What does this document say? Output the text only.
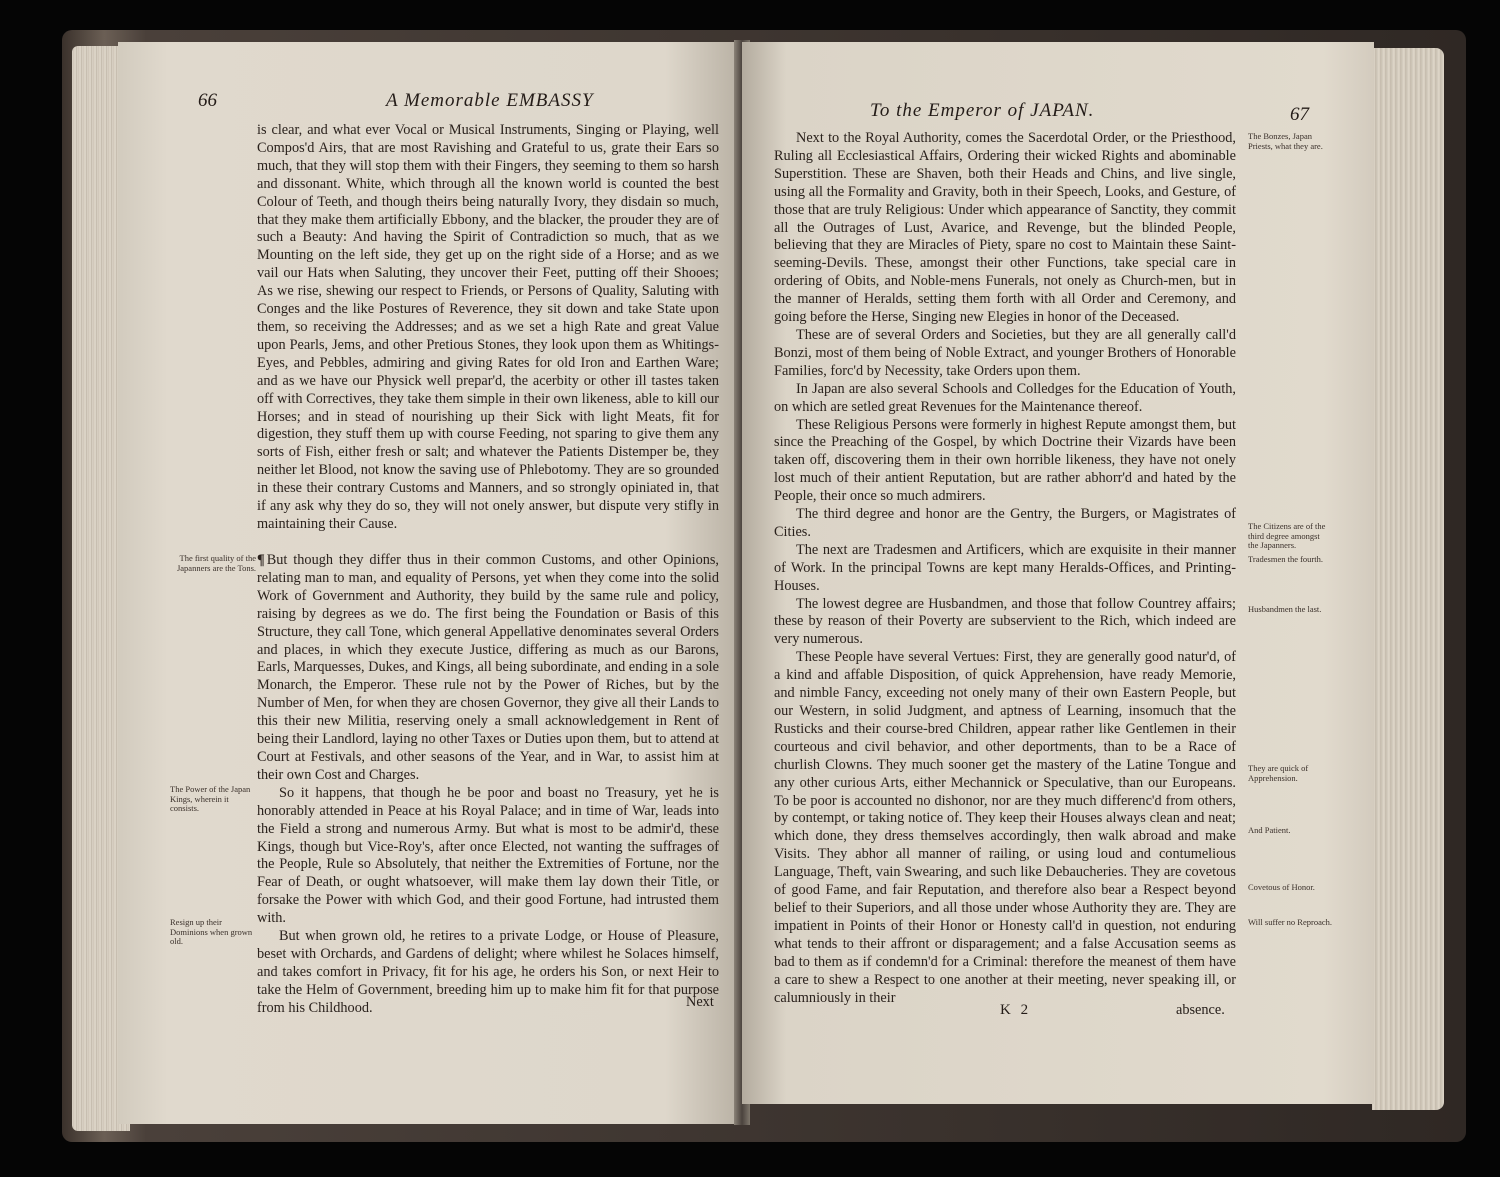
66	A Memorable EMBASSY

is clear, and what ever Vocal or Musical Instruments, Singing or Playing, well Compos'd Airs, that are most Ravishing and Grateful to us, grate their Ears so much, that they will stop them with their Fingers, they seeming to them so harsh and dissonant. White, which through all the known world is counted the best Colour of Teeth, and though theirs being naturally Ivory, they disdain so much, that they make them artificially Ebbony, and the blacker, the prouder they are of such a Beauty: And having the Spirit of Contradiction so much, that as we Mounting on the left side, they get up on the right side of a Horse; and as we vail our Hats when Saluting, they uncover their Feet, putting off their Shooes; As we rise, shewing our respect to Friends, or Persons of Quality, Saluting with Conges and the like Postures of Reverence, they sit down and take State upon them, so receiving the Addresses; and as we set a high Rate and great Value upon Pearls, Jems, and other Pretious Stones, they look upon them as Whitings-Eyes, and Pebbles, admiring and giving Rates for old Iron and Earthen Ware; and as we have our Physick well prepar'd, the acerbity or other ill tastes taken off with Correctives, they take them simple in their own likeness, able to kill our Horses; and in stead of nourishing up their Sick with light Meats, fit for digestion, they stuff them up with course Feeding, not sparing to give them any sorts of Fish, either fresh or salt; and whatever the Patients Distemper be, they neither let Blood, not know the saving use of Phlebotomy. They are so grounded in these their contrary Customs and Manners, and so strongly opiniated in, that if any ask why they do so, they will not onely answer, but dispute very stifly in maintaining their Cause.

¶ But though they differ thus in their common Customs, and other Opinions, relating man to man, and equality of Persons, yet when they come into the solid Work of Government and Authority, they build by the same rule and policy, raising by degrees as we do. The first being the Foundation or Basis of this Structure, they call Tone, which general Appellative denominates several Orders and places, in which they execute Justice, differing as much as our Barons, Earls, Marquesses, Dukes, and Kings, all being subordinate, and ending in a sole Monarch, the Emperor. These rule not by the Power of Riches, but by the Number of Men, for when they are chosen Governor, they give all their Lands to this their new Militia, reserving onely a small acknowledgement in Rent of being their Landlord, laying no other Taxes or Duties upon them, but to attend at Court at Festivals, and other seasons of the Year, and in War, to assist him at their own Cost and Charges.

So it happens, that though he be poor and boast no Treasury, yet he is honorably attended in Peace at his Royal Palace; and in time of War, leads into the Field a strong and numerous Army. But what is most to be admir'd, these Kings, though but Vice-Roy's, after once Elected, not wanting the suffrages of the People, Rule so Absolutely, that neither the Extremities of Fortune, nor the Fear of Death, or ought whatsoever, will make them lay down their Title, or forsake the Power with which God, and their good Fortune, had intrusted them with.

But when grown old, he retires to a private Lodge, or House of Pleasure, beset with Orchards, and Gardens of delight; where whilest he Solaces himself, and takes comfort in Privacy, fit for his age, he orders his Son, or next Heir to take the Helm of Government, breeding him up to make him fit for that purpose from his Childhood.	Next
The first quality of the Japanners are the Tons.
The Power of the Japan Kings, wherein it consists.
Resign up their Dominions when grown old.
To the Emperor of JAPAN.	67

Next to the Royal Authority, comes the Sacerdotal Order, or the Priesthood, Ruling all Ecclesiastical Affairs, Ordering their wicked Rights and abominable Superstition. These are Shaven, both their Heads and Chins, and live single, using all the Formality and Gravity, both in their Speech, Looks, and Gesture, of those that are truly Religious: Under which appearance of Sanctity, they commit all the Outrages of Lust, Avarice, and Revenge, but the blinded People, believing that they are Miracles of Piety, spare no cost to Maintain these Saint-seeming-Devils. These, amongst their other Functions, take special care in ordering of Obits, and Noble-mens Funerals, not onely as Church-men, but in the manner of Heralds, setting them forth with all Order and Ceremony, and going before the Herse, Singing new Elegies in honor of the Deceased.

These are of several Orders and Societies, but they are all generally call'd Bonzi, most of them being of Noble Extract, and younger Brothers of Honorable Families, forc'd by Necessity, take Orders upon them.

In Japan are also several Schools and Colledges for the Education of Youth, on which are setled great Revenues for the Maintenance thereof.

These Religious Persons were formerly in highest Repute amongst them, but since the Preaching of the Gospel, by which Doctrine their Vizards have been taken off, discovering them in their own horrible likeness, they have not onely lost much of their antient Reputation, but are rather abhorr'd and hated by the People, their once so much admirers.

The third degree and honor are the Gentry, the Burgers, or Magistrates of Cities.

The next are Tradesmen and Artificers, which are exquisite in their manner of Work. In the principal Towns are kept many Heralds-Offices, and Printing-Houses.

The lowest degree are Husbandmen, and those that follow Countrey affairs; these by reason of their Poverty are subservient to the Rich, which indeed are very numerous.

These People have several Vertues: First, they are generally good natur'd, of a kind and affable Disposition, of quick Apprehension, have ready Memorie, and nimble Fancy, exceeding not onely many of their own Eastern People, but our Western, in solid Judgment, and aptness of Learning, insomuch that the Rusticks and their course-bred Children, appear rather like Gentlemen in their courteous and civil behavior, and other deportments, than to be a Race of churlish Clowns. They much sooner get the mastery of the Latine Tongue and any other curious Arts, either Mechannick or Speculative, than our Europeans. To be poor is accounted no dishonor, nor are they much differenc'd from others, by contempt, or taking notice of. They keep their Houses always clean and neat; which done, they dress themselves accordingly, then walk abroad and make Visits. They abhor all manner of railing, or using loud and contumelious Language, Theft, vain Swearing, and such like Debaucheries. They are covetous of good Fame, and fair Reputation, and therefore also bear a Respect beyond belief to their Superiors, and all those under whose Authority they are. They are impatient in Points of their Honor or Honesty call'd in question, not enduring what tends to their affront or disparagement; and a false Accusation seems as bad to them as if condemn'd for a Criminal: therefore the meanest of them have a care to shew a Respect to one another at their meeting, never speaking ill, or calumniously in their

K 2	absence.
The Bonzes, Japan Priests, what they are.
The Citizens are of the third degree amongst the Japanners.
Tradesmen the fourth.
Husbandmen the last.
They are quick of Apprehension.
And Patient.
Covetous of Honor.
Will suffer no Reproach.
